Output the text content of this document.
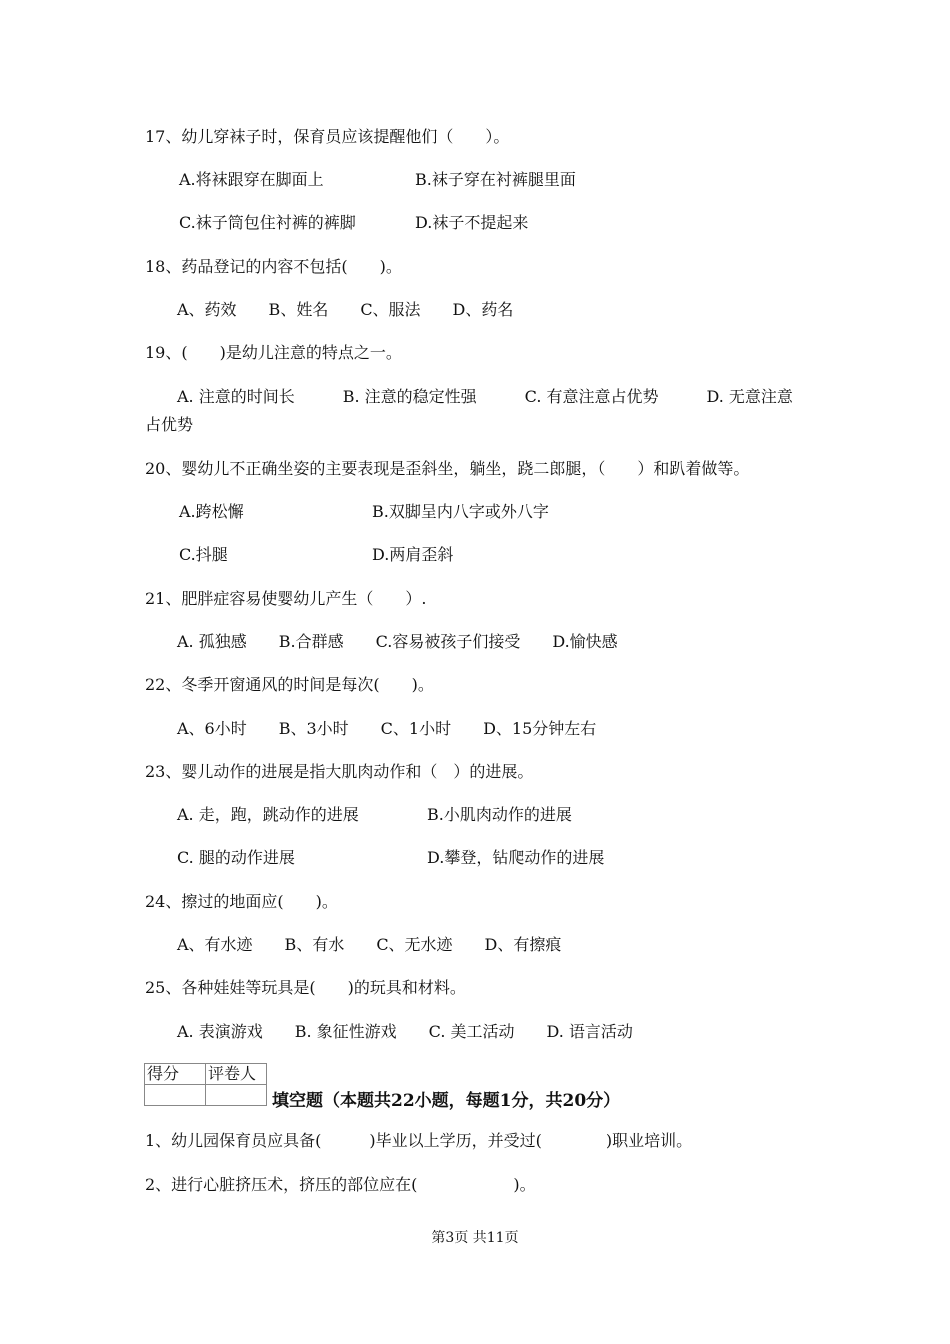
17、幼儿穿袜子时，保育员应该提醒他们（　　）。
A.将袜跟穿在脚面上	B.袜子穿在衬裤腿里面
C.袜子筒包住衬裤的裤脚	D.袜子不提起来
18、药品登记的内容不包括(　　)。
A、药效　　B、姓名　　C、服法　　D、药名
19、(　　)是幼儿注意的特点之一。
A. 注意的时间长　　　B. 注意的稳定性强　　　C. 有意注意占优势　　　D. 无意注意
占优势
20、婴幼儿不正确坐姿的主要表现是歪斜坐，躺坐，跷二郎腿，（　　）和趴着做等。
A.跨松懈	B.双脚呈内八字或外八字
C.抖腿	D.两肩歪斜
21、肥胖症容易使婴幼儿产生（　　）.
A. 孤独感　　B.合群感　　C.容易被孩子们接受　　D.愉快感
22、冬季开窗通风的时间是每次(　　)。
A、6小时　　B、3小时　　C、1小时　　D、15分钟左右
23、婴儿动作的进展是指大肌肉动作和（　）的进展。
A. 走，跑，跳动作的进展	B.小肌肉动作的进展
C. 腿的动作进展	D.攀登，钻爬动作的进展
24、擦过的地面应(　　)。
A、有水迹　　B、有水　　C、无水迹　　D、有擦痕
25、各种娃娃等玩具是(　　)的玩具和材料。
A. 表演游戏　　B. 象征性游戏　　C. 美工活动　　D. 语言活动
得分	评卷人

填空题（本题共22小题，每题1分，共20分）
1、幼儿园保育员应具备(　　　)毕业以上学历，并受过(　　　　)职业培训。
2、进行心脏挤压术，挤压的部位应在(　　　　　　)。
第3页 共11页
